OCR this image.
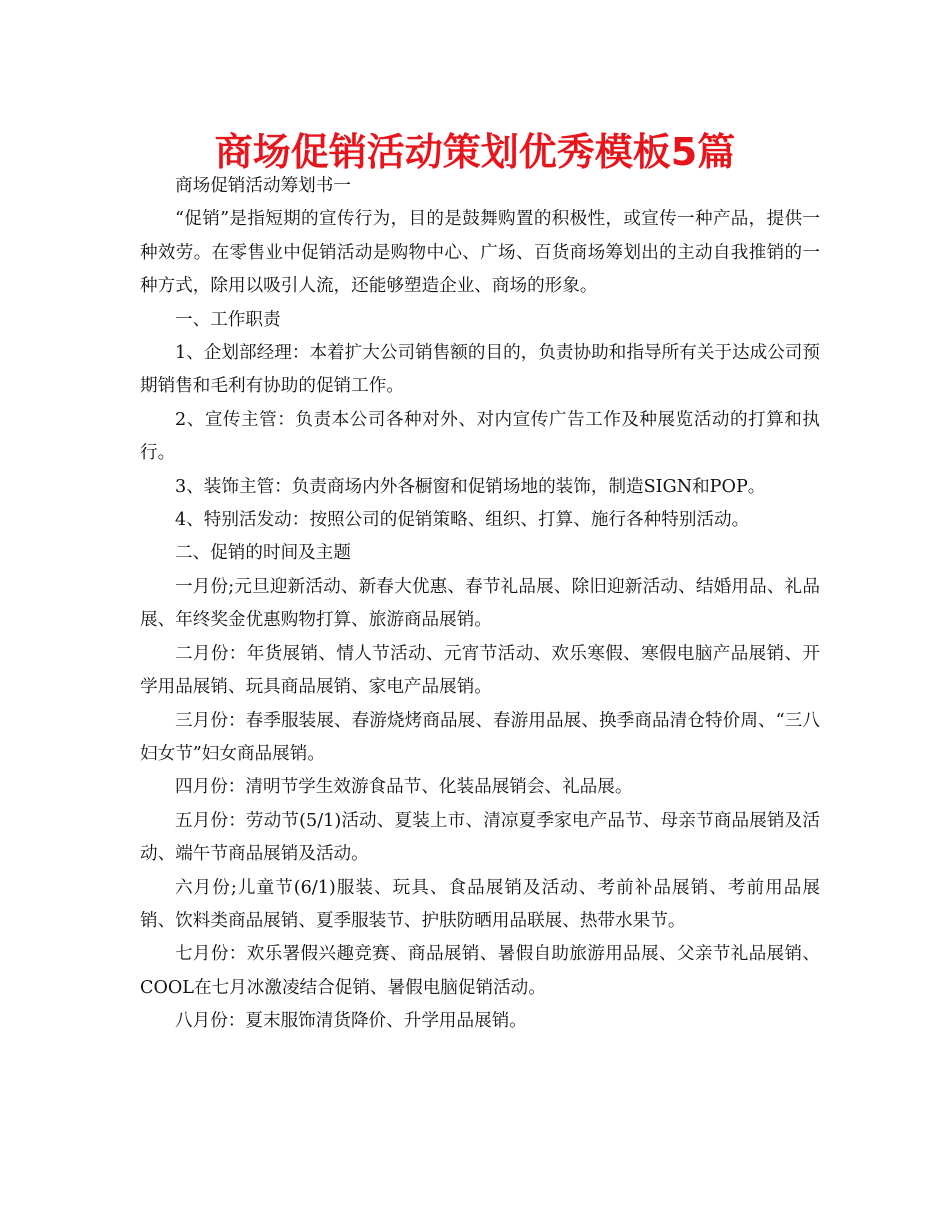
商场促销活动策划优秀模板5篇

商场促销活动筹划书一

“促销”是指短期的宣传行为，目的是鼓舞购置的积极性，或宣传一种产品，提供一种效劳。在零售业中促销活动是购物中心、广场、百货商场筹划出的主动自我推销的一种方式，除用以吸引人流，还能够塑造企业、商场的形象。

一、工作职责

1、企划部经理：本着扩大公司销售额的目的，负责协助和指导所有关于达成公司预期销售和毛利有协助的促销工作。

2、宣传主管：负责本公司各种对外、对内宣传广告工作及种展览活动的打算和执行。

3、装饰主管：负责商场内外各橱窗和促销场地的装饰，制造SIGN和POP。

4、特别活发动：按照公司的促销策略、组织、打算、施行各种特别活动。

二、促销的时间及主题

一月份;元旦迎新活动、新春大优惠、春节礼品展、除旧迎新活动、结婚用品、礼品展、年终奖金优惠购物打算、旅游商品展销。

二月份：年货展销、情人节活动、元宵节活动、欢乐寒假、寒假电脑产品展销、开学用品展销、玩具商品展销、家电产品展销。

三月份：春季服装展、春游烧烤商品展、春游用品展、换季商品清仓特价周、“三八妇女节”妇女商品展销。

四月份：清明节学生效游食品节、化装品展销会、礼品展。

五月份：劳动节(5/1)活动、夏装上市、清凉夏季家电产品节、母亲节商品展销及活动、端午节商品展销及活动。

六月份;儿童节(6/1)服装、玩具、食品展销及活动、考前补品展销、考前用品展销、饮料类商品展销、夏季服装节、护肤防晒用品联展、热带水果节。

七月份：欢乐署假兴趣竞赛、商品展销、暑假自助旅游用品展、父亲节礼品展销、COOL在七月冰激凌结合促销、暑假电脑促销活动。

八月份：夏末服饰清货降价、升学用品展销。
